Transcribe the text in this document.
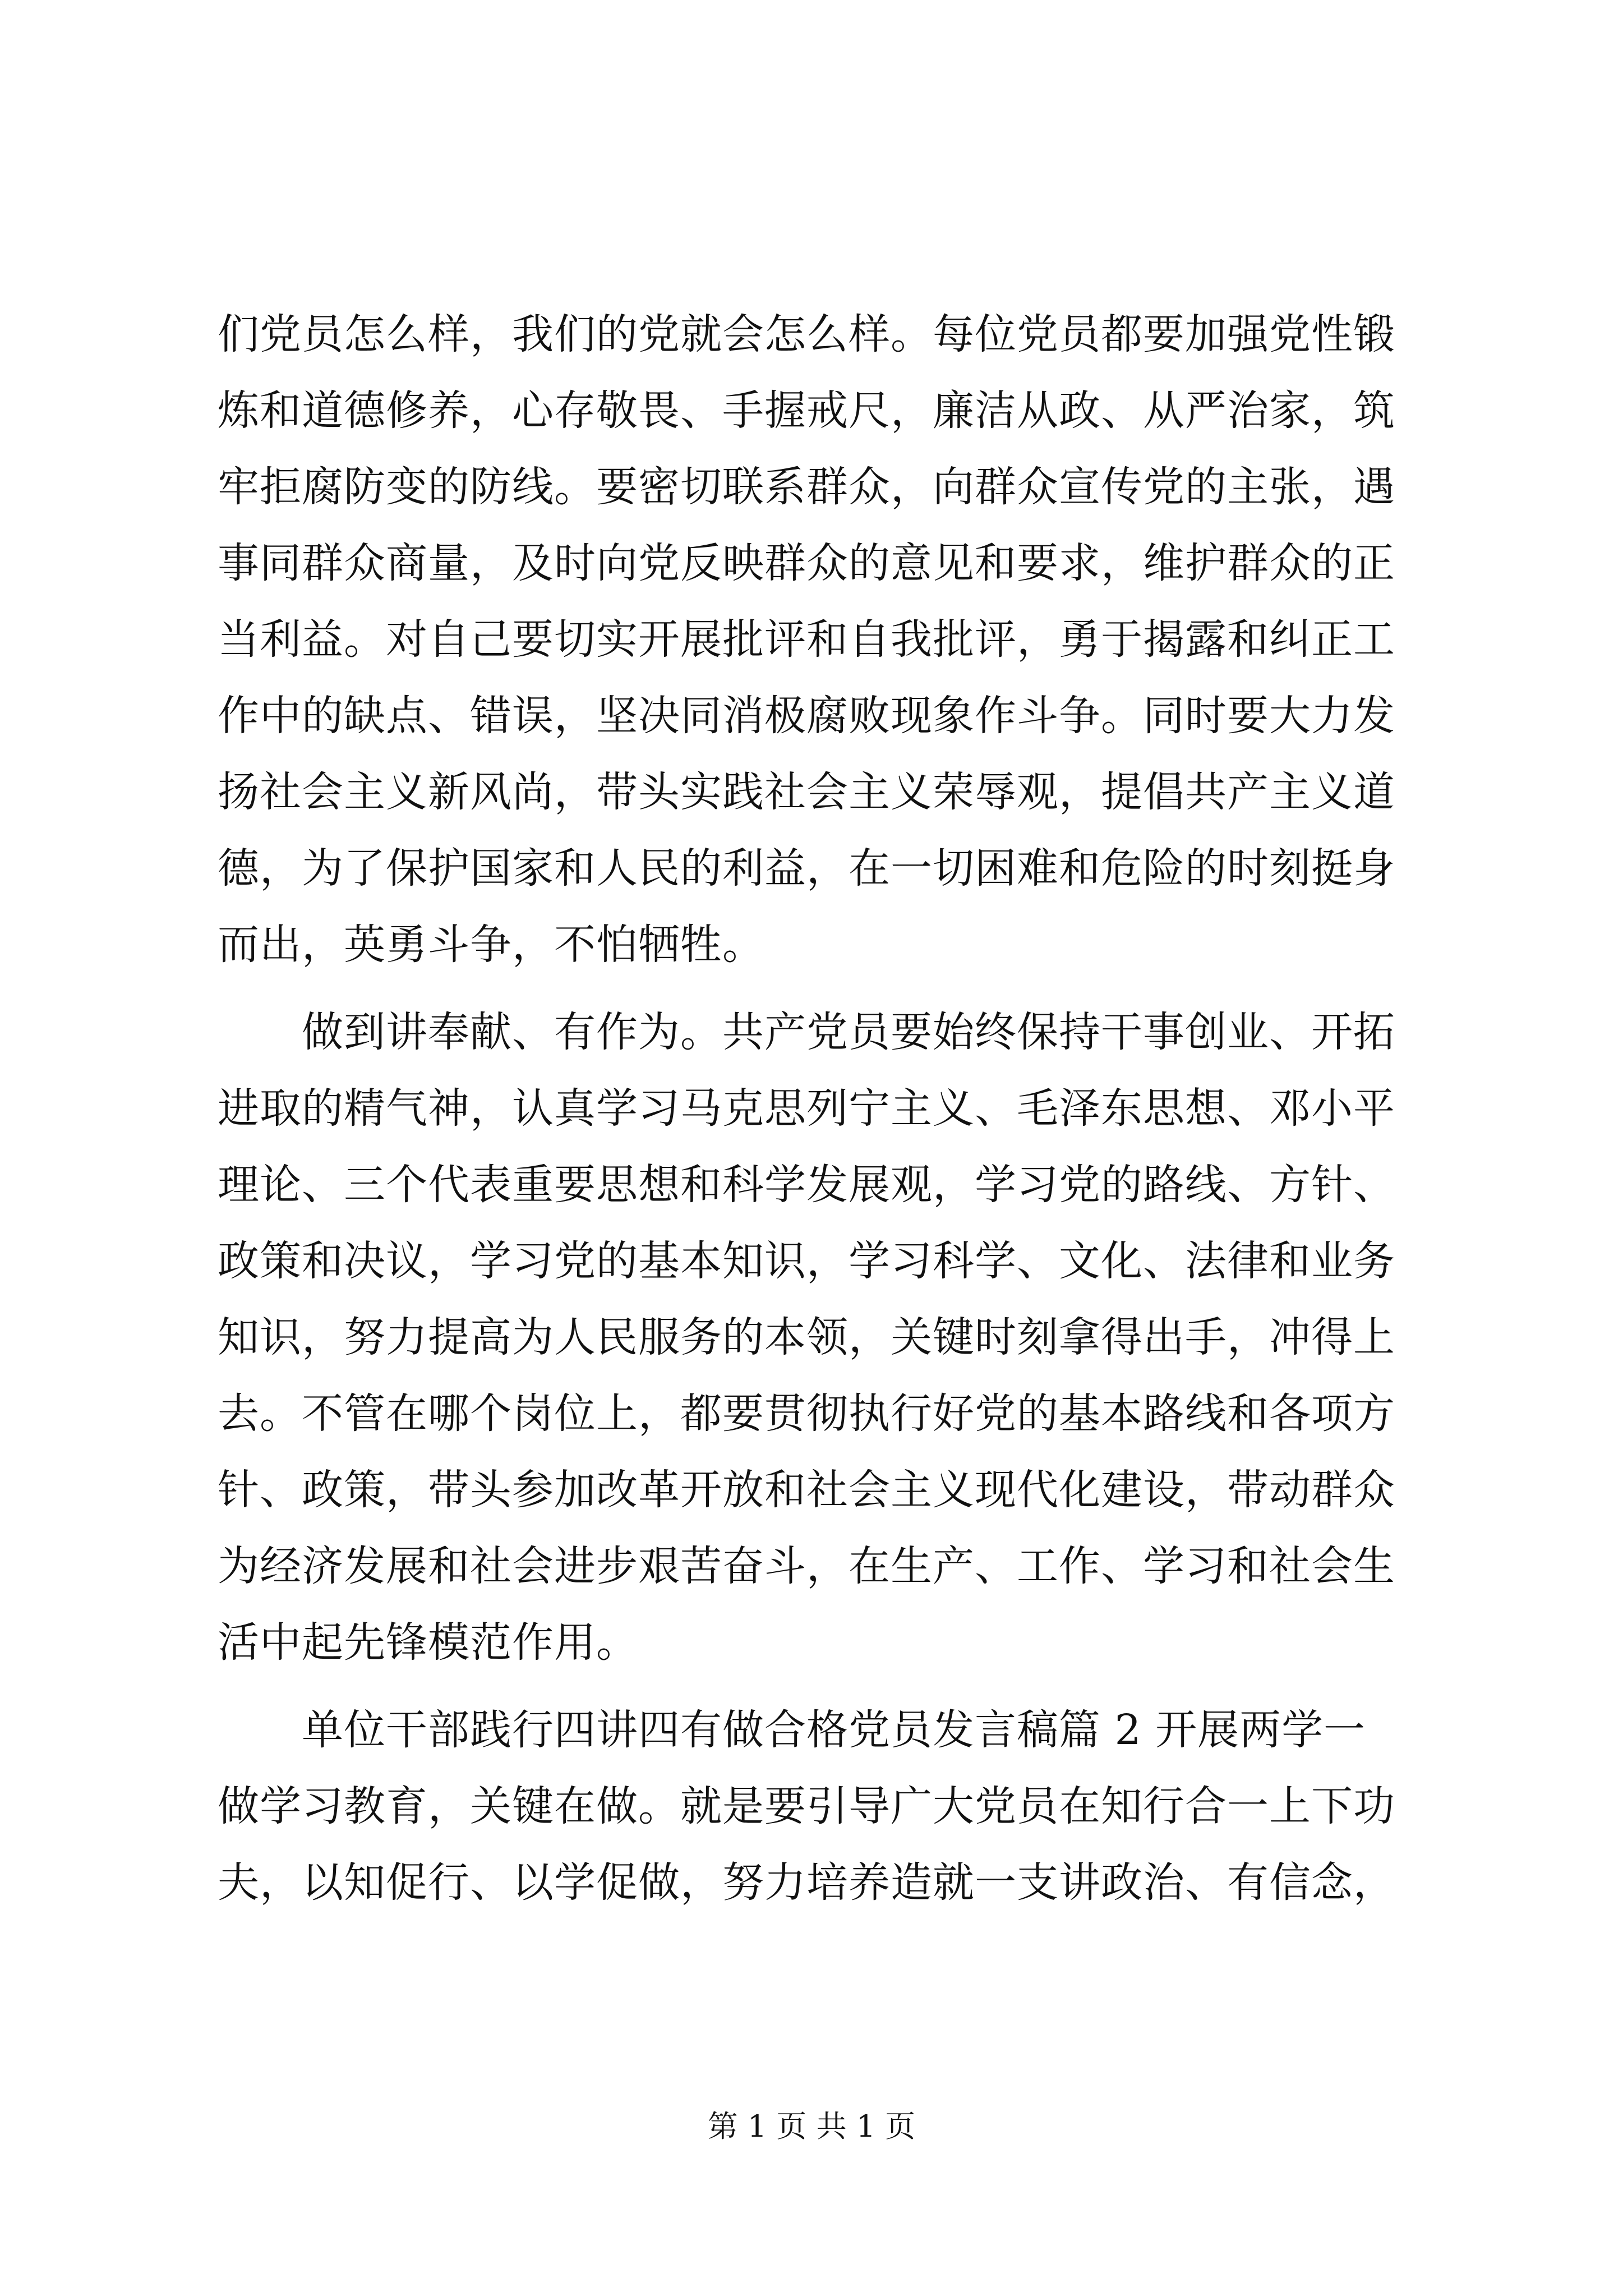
们党员怎么样，我们的党就会怎么样。每位党员都要加强党性锻
炼和道德修养，心存敬畏、手握戒尺，廉洁从政、从严治家，筑
牢拒腐防变的防线。要密切联系群众，向群众宣传党的主张，遇
事同群众商量，及时向党反映群众的意见和要求，维护群众的正
当利益。对自己要切实开展批评和自我批评，勇于揭露和纠正工
作中的缺点、错误，坚决同消极腐败现象作斗争。同时要大力发
扬社会主义新风尚，带头实践社会主义荣辱观，提倡共产主义道
德，为了保护国家和人民的利益，在一切困难和危险的时刻挺身
而出，英勇斗争，不怕牺牲。
做到讲奉献、有作为。共产党员要始终保持干事创业、开拓
进取的精气神，认真学习马克思列宁主义、毛泽东思想、邓小平
理论、三个代表重要思想和科学发展观，学习党的路线、方针、
政策和决议，学习党的基本知识，学习科学、文化、法律和业务
知识，努力提高为人民服务的本领，关键时刻拿得出手，冲得上
去。不管在哪个岗位上，都要贯彻执行好党的基本路线和各项方
针、政策，带头参加改革开放和社会主义现代化建设，带动群众
为经济发展和社会进步艰苦奋斗，在生产、工作、学习和社会生
活中起先锋模范作用。
单位干部践行四讲四有做合格党员发言稿篇 2 开展两学一
做学习教育，关键在做。就是要引导广大党员在知行合一上下功
夫，以知促行、以学促做，努力培养造就一支讲政治、有信念，
第 1 页 共 1 页
